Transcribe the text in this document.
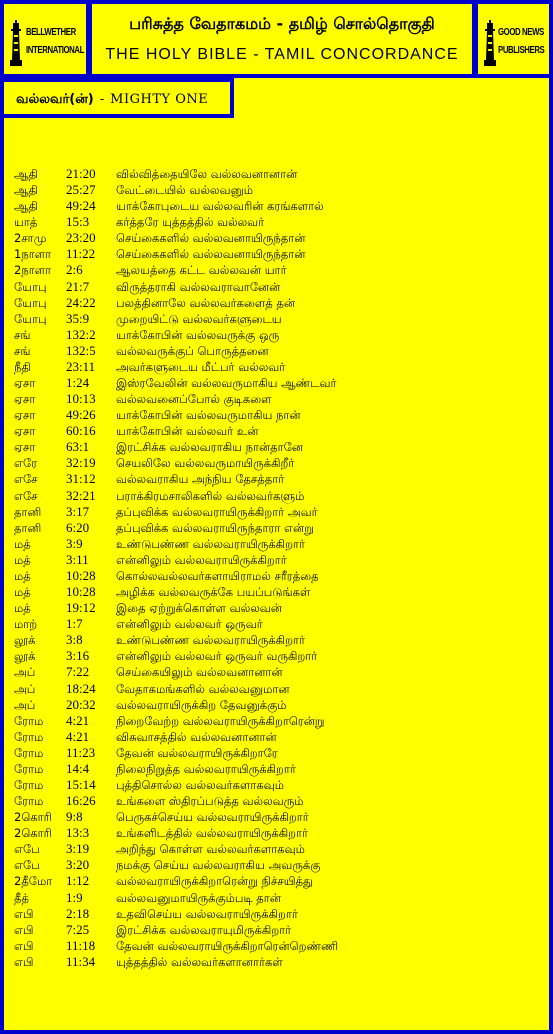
BELLWETHER
INTERNATIONAL
பரிசுத்த வேதாகமம் - தமிழ் சொல்தொகுதி
THE HOLY BIBLE - TAMIL CONCORDANCE
GOOD NEWS
PUBLISHERS
வல்லவர்(ன்) - MIGHTY ONE
ஆதி 21:20 வில்வித்தையிலே வல்லவனானான்
ஆதி 25:27 வேட்டையில் வல்லவனும்
ஆதி 49:24 யாக்கோபுடைய வல்லவரின் கரங்களால்
யாத் 15:3 கர்த்தரே யுத்தத்தில் வல்லவர்
2சாமு 23:20 செய்கைகளில் வல்லவனாயிருந்தான்
1நாளா 11:22 செய்கைகளில் வல்லவனாயிருந்தான்
2நாளா 2:6	ஆலயத்தை கட்ட வல்லவன் யார்
யோபு 21:7 விருத்தராகி வல்லவராவானேன்
யோபு 24:22 பலத்தினாலே வல்லவர்களைத் தன்
யோபு 35:9 முறையிட்டு வல்லவர்களுடைய
சங்	132:2 யாக்கோபின் வல்லவருக்கு ஒரு
சங்	132:5 வல்லவருக்குப் பொருத்தனை
நீதி	23:11 அவர்களுடைய மீட்பர் வல்லவர்
ஏசா 1:24 இஸ்ரவேலின் வல்லவருமாகிய ஆண்டவர்
ஏசா 10:13 வல்லவனைப்போல் குடிகளை
ஏசா 49:26 யாக்கோபின் வல்லவருமாகிய நான்
ஏசா 60:16 யாக்கோபின் வல்லவர் உன்
ஏசா 63:1 இரட்சிக்க வல்லவராகிய நான்தானே
எரே 32:19 செயலிலே வல்லவருமாயிருக்கிறீர்
எசே 31:12 வல்லவராகிய அந்நிய தேசத்தார்
எசே 32:21 பராக்கிரமசாலிகளில் வல்லவர்களும்
தானி 3:17 தப்புவிக்க வல்லவராயிருக்கிறார் அவர்
தானி 6:20 தப்புவிக்க வல்லவராயிருந்தாரா என்று
மத்	3:9	உண்டுபண்ண வல்லவராயிருக்கிறார்
மத்	3:11 என்னிலும் வல்லவராயிருக்கிறார்
மத்	10:28 கொல்லவல்லவர்களாயிராமல் சரீரத்தை
மத்	10:28 அழிக்க வல்லவருக்கே பயப்படுங்கள்
மத்	19:12 இதை ஏற்றுக்கொள்ள வல்லவன்
மாற் 1:7	என்னிலும் வல்லவர் ஒருவர்
லூக் 3:8	உண்டுபண்ண வல்லவராயிருக்கிறார்
லூக் 3:16 என்னிலும் வல்லவர் ஒருவர் வருகிறார்
அப் 7:22 செய்கையிலும் வல்லவனானான்
அப் 18:24 வேதாகமங்களில் வல்லவனுமான
அப் 20:32 வல்லவராயிருக்கிற தேவனுக்கும்
ரோம 4:21 நிறைவேற்ற வல்லவராயிருக்கிறாரென்று
ரோம 4:21 விசுவாசத்தில் வல்லவனானான்
ரோம 11:23 தேவன் வல்லவராயிருக்கிறாரே
ரோம 14:4 நிலைநிறுத்த வல்லவராயிருக்கிறார்
ரோம 15:14 புத்திசொல்ல வல்லவர்களாகவும்
ரோம 16:26 உங்களை ஸ்திரப்படுத்த வல்லவரும்
2கொரி 9:8	பெருகச்செய்ய வல்லவராயிருக்கிறார்
2கொரி 13:3 உங்களிடத்தில் வல்லவராயிருக்கிறார்
எபே 3:19 அறிந்து கொள்ள வல்லவர்களாகவும்
எபே 3:20 நமக்கு செய்ய வல்லவராகிய அவருக்கு
2தீமோ 1:12 வல்லவராயிருக்கிறாரென்று நிச்சயித்து
தீத்	1:9	வல்லவனுமாயிருக்கும்படி தான்
எபி	2:18 உதவிசெய்ய வல்லவராயிருக்கிறார்
எபி	7:25 இரட்சிக்க வல்லவராயுமிருக்கிறார்
எபி	11:18 தேவன் வல்லவராயிருக்கிறாரென்றெண்ணி
எபி	11:34 யுத்தத்தில் வல்லவர்களானார்கள்
